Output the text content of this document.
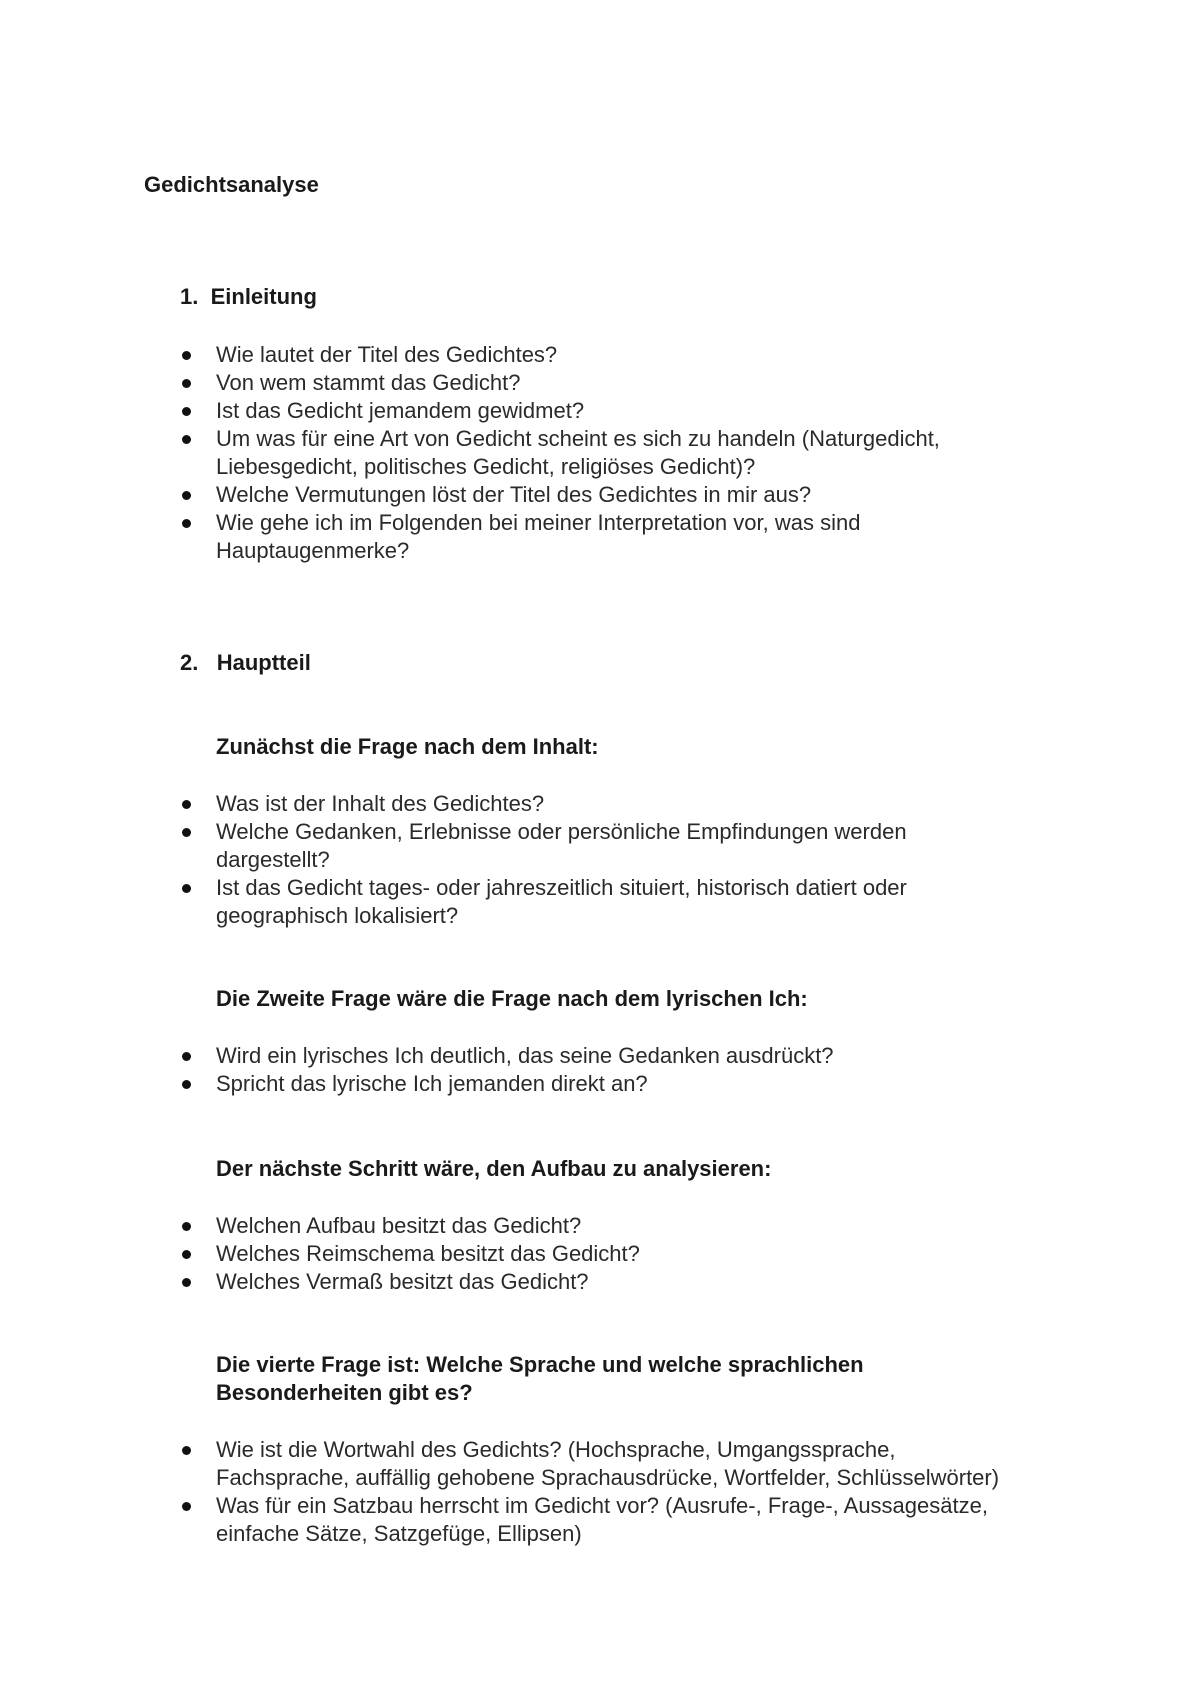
Gedichtsanalyse
1. Einleitung
Wie lautet der Titel des Gedichtes?
Von wem stammt das Gedicht?
Ist das Gedicht jemandem gewidmet?
Um was für eine Art von Gedicht scheint es sich zu handeln (Naturgedicht, Liebesgedicht, politisches Gedicht, religiöses Gedicht)?
Welche Vermutungen löst der Titel des Gedichtes in mir aus?
Wie gehe ich im Folgenden bei meiner Interpretation vor, was sind Hauptaugenmerke?
2. Hauptteil
Zunächst die Frage nach dem Inhalt:
Was ist der Inhalt des Gedichtes?
Welche Gedanken, Erlebnisse oder persönliche Empfindungen werden dargestellt?
Ist das Gedicht tages- oder jahreszeitlich situiert, historisch datiert oder geographisch lokalisiert?
Die Zweite Frage wäre die Frage nach dem lyrischen Ich:
Wird ein lyrisches Ich deutlich, das seine Gedanken ausdrückt?
Spricht das lyrische Ich jemanden direkt an?
Der nächste Schritt wäre, den Aufbau zu analysieren:
Welchen Aufbau besitzt das Gedicht?
Welches Reimschema besitzt das Gedicht?
Welches Vermaß besitzt das Gedicht?
Die vierte Frage ist: Welche Sprache und welche sprachlichen Besonderheiten gibt es?
Wie ist die Wortwahl des Gedichts? (Hochsprache, Umgangssprache, Fachsprache, auffällig gehobene Sprachausdrücke, Wortfelder, Schlüsselwörter)
Was für ein Satzbau herrscht im Gedicht vor? (Ausrufe-, Frage-, Aussagesätze, einfache Sätze, Satzgefüge, Ellipsen)
